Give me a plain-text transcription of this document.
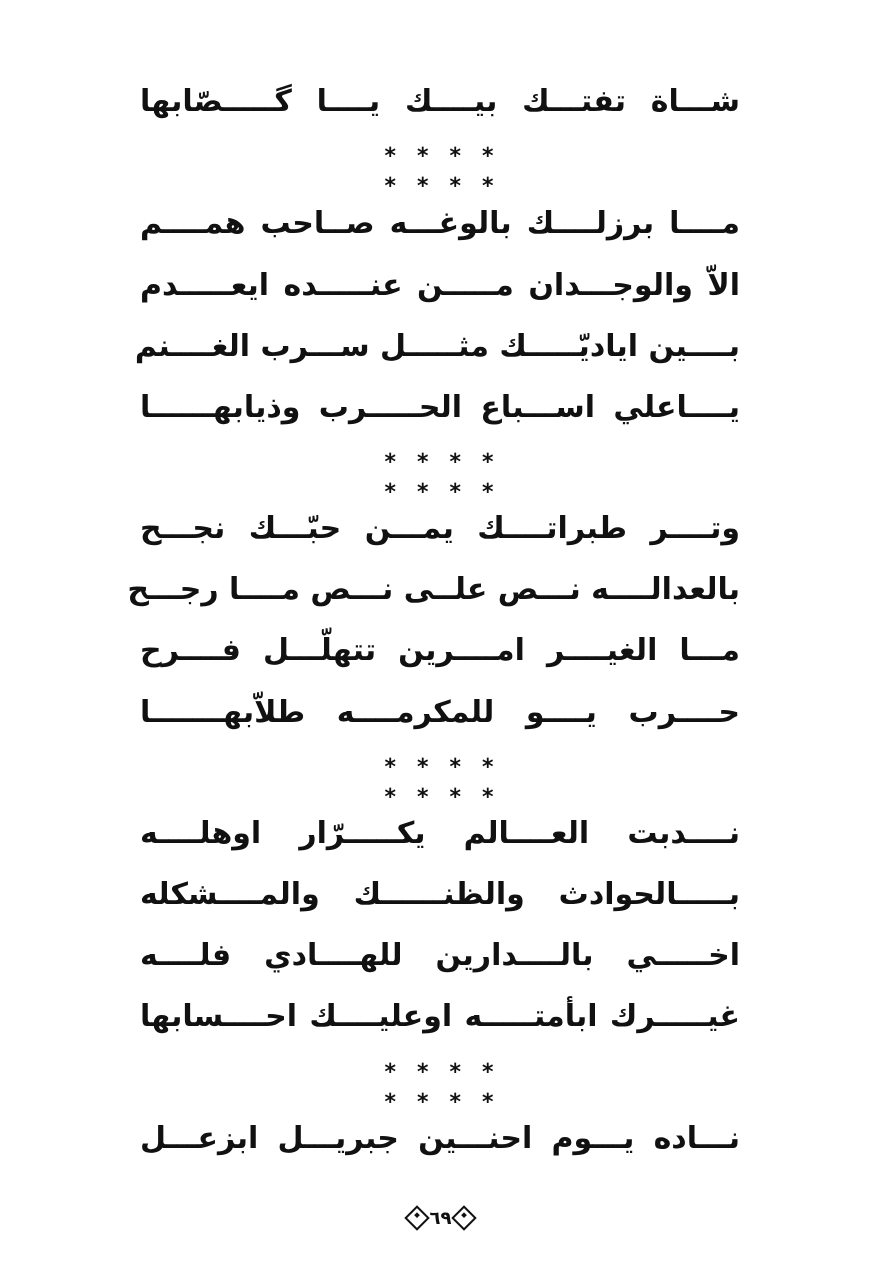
شـــاة تفتـــك بيــــك يــــا گـــــصّابها
* * * ** * * *
مــــا برزلــــك بالوغـــه صــاحب همــــم
الاّ والوجـــدان مـــــن عنـــــده ايعـــــدم
بــــين اياديّـــــك مثـــــل ســـرب الغــــنم
يــــاعلي اســـباع الحـــــرب وذيابهــــــا
* * * ** * * *
وتــــر طبراتــــك يمـــن حبّـــك نجـــح
بالعدالــــه نـــص علــى نـــص مــــا رجـــح
مـــا الغيــــر امــــرين تتهلّـــل فــــرح
حــــرب يــــو للمكرمــــه طلاّبهـــــــا
* * * ** * * *
نــــدبت العــــالم يكـــــرّار اوهلــــه
بـــــالحوادث والظنــــــك والمــــشكله
اخـــــي بالــــدارين للهــــادي فلــــه
غيـــــرك ابأمتـــــه اوعليــــك احــــسابها
* * * ** * * *
نـــاده يـــوم احنـــين جبريـــل ابزعـــل
٦٩
